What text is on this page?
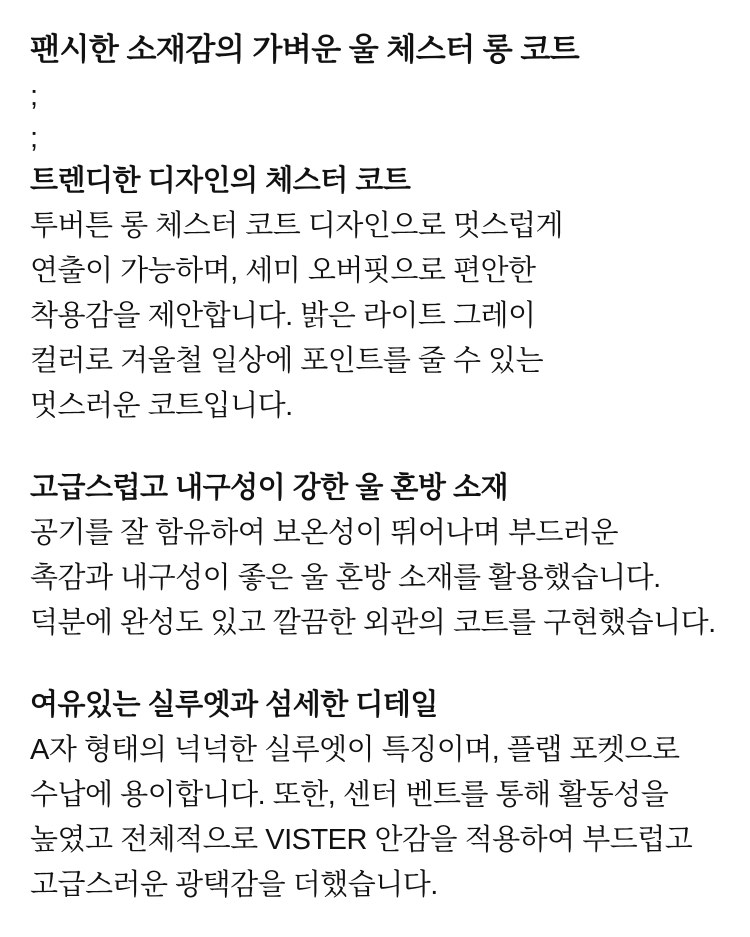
팬시한 소재감의 가벼운 울 체스터 롱 코트
;
;
트렌디한 디자인의 체스터 코트
투버튼 롱 체스터 코트 디자인으로 멋스럽게
연출이 가능하며, 세미 오버핏으로 편안한
착용감을 제안합니다. 밝은 라이트 그레이
컬러로 겨울철 일상에 포인트를 줄 수 있는
멋스러운 코트입니다.
고급스럽고 내구성이 강한 울 혼방 소재
공기를 잘 함유하여 보온성이 뛰어나며 부드러운
촉감과 내구성이 좋은 울 혼방 소재를 활용했습니다.
덕분에 완성도 있고 깔끔한 외관의 코트를 구현했습니다.
여유있는 실루엣과 섬세한 디테일
A자 형태의 넉넉한 실루엣이 특징이며, 플랩 포켓으로
수납에 용이합니다. 또한, 센터 벤트를 통해 활동성을
높였고 전체적으로 VISTER 안감을 적용하여 부드럽고
고급스러운 광택감을 더했습니다.
